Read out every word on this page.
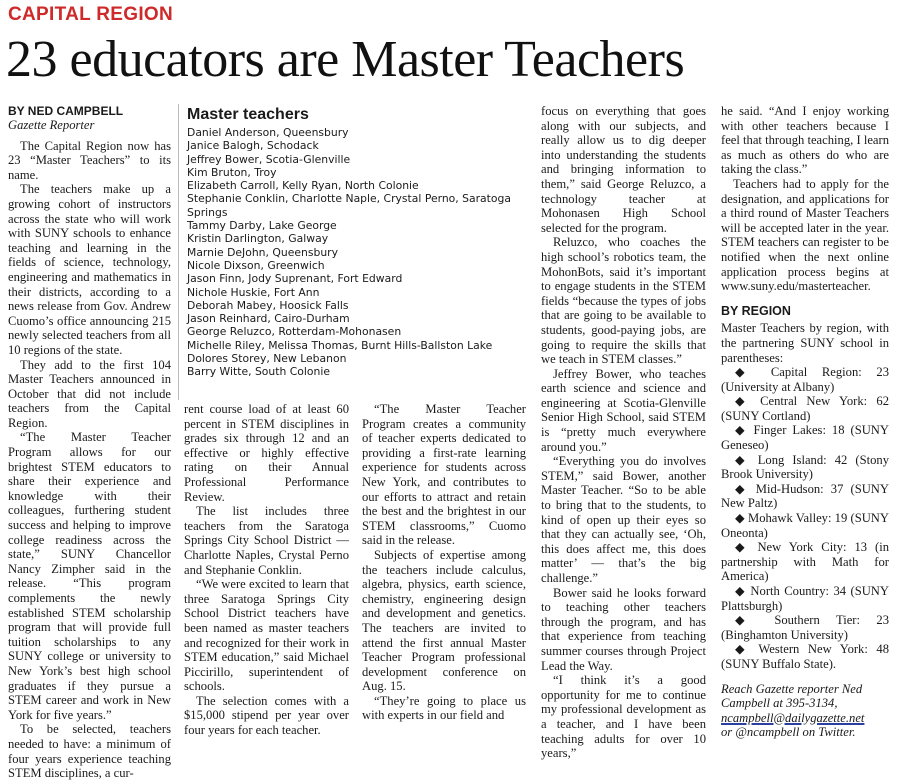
CAPITAL REGION
23 educators are Master Teachers

BY NED CAMPBELL

Gazette Reporter

The Capital Region now has 23 “Master Teachers” to its name.

The teachers make up a growing cohort of instructors across the state who will work with SUNY schools to enhance teaching and learning in the fields of science, technology, engineering and mathematics in their districts, according to a news release from Gov. Andrew Cuomo’s office announcing 215 newly selected teachers from all 10 regions of the state.

They add to the first 104 Master Teachers announced in October that did not include teachers from the Capital Region.

“The Master Teacher Program allows for our brightest STEM educators to share their experience and knowledge with their colleagues, furthering student success and helping to improve college readiness across the state,” SUNY Chancellor Nancy Zimpher said in the release. “This program complements the newly established STEM scholarship program that will provide full tuition scholarships to any SUNY college or university to New York’s best high school graduates if they pursue a STEM career and work in New York for five years.”

To be selected, teachers needed to have: a minimum of four years experience teaching STEM disciplines, a cur-

Master teachers
Daniel Anderson, Queensbury
Janice Balogh, Schodack
Jeffrey Bower, Scotia-Glenville
Kim Bruton, Troy
Elizabeth Carroll, Kelly Ryan, North Colonie
Stephanie Conklin, Charlotte Naple, Crystal Perno, Saratoga Springs
Tammy Darby, Lake George
Kristin Darlington, Galway
Marnie DeJohn, Queensbury
Nicole Dixson, Greenwich
Jason Finn, Jody Suprenant, Fort Edward
Nichole Huskie, Fort Ann
Deborah Mabey, Hoosick Falls
Jason Reinhard, Cairo-Durham
George Reluzco, Rotterdam-Mohonasen
Michelle Riley, Melissa Thomas, Burnt Hills-Ballston Lake
Dolores Storey, New Lebanon
Barry Witte, South Colonie

rent course load of at least 60 percent in STEM disciplines in grades six through 12 and an effective or highly effective rating on their Annual Professional Performance Review.

The list includes three teachers from the Saratoga Springs City School District — Charlotte Naples, Crystal Perno and Stephanie Conklin.

“We were excited to learn that three Saratoga Springs City School District teachers have been named as master teachers and recognized for their work in STEM education,” said Michael Piccirillo, superintendent of schools.

The selection comes with a $15,000 stipend per year over four years for each teacher.

“The Master Teacher Program creates a community of teacher experts dedicated to providing a first-rate learning experience for students across New York, and contributes to our efforts to attract and retain the best and the brightest in our STEM classrooms,” Cuomo said in the release.

Subjects of expertise among the teachers include calculus, algebra, physics, earth science, chemistry, engineering design and development and genetics. The teachers are invited to attend the first annual Master Teacher Program professional development conference on Aug. 15.

“They’re going to place us with experts in our field and

focus on everything that goes along with our subjects, and really allow us to dig deeper into understanding the students and bringing information to them,” said George Reluzco, a technology teacher at Mohonasen High School selected for the program.

Reluzco, who coaches the high school’s robotics team, the MohonBots, said it’s important to engage students in the STEM fields “because the types of jobs that are going to be available to students, good-paying jobs, are going to require the skills that we teach in STEM classes.”

Jeffrey Bower, who teaches earth science and science and engineering at Scotia-Glenville Senior High School, said STEM is “pretty much everywhere around you.”

“Everything you do involves STEM,” said Bower, another Master Teacher. “So to be able to bring that to the students, to kind of open up their eyes so that they can actually see, ‘Oh, this does affect me, this does matter’ — that’s the big challenge.”

Bower said he looks forward to teaching other teachers through the program, and has that experience from teaching summer courses through Project Lead the Way.

“I think it’s a good opportunity for me to continue my professional development as a teacher, and I have been teaching adults for over 10 years,”

he said. “And I enjoy working with other teachers because I feel that through teaching, I learn as much as others do who are taking the class.”

Teachers had to apply for the designation, and applications for a third round of Master Teachers will be accepted later in the year. STEM teachers can register to be notified when the next online application process begins at www.suny.edu/masterteacher.

BY REGION

Master Teachers by region, with the partnering SUNY school in parentheses:

◆ Capital Region: 23 (University at Albany)

◆ Central New York: 62 (SUNY Cortland)

◆ Finger Lakes: 18 (SUNY Geneseo)

◆ Long Island: 42 (Stony Brook University)

◆ Mid-Hudson: 37 (SUNY New Paltz)

◆ Mohawk Valley: 19 (SUNY Oneonta)

◆ New York City: 13 (in partnership with Math for America)

◆ North Country: 34 (SUNY Plattsburgh)

◆ Southern Tier: 23 (Binghamton University)

◆ Western New York: 48 (SUNY Buffalo State).

Reach Gazette reporter Ned Campbell at 395-3134,
ncampbell@dailygazette.net
or @ncampbell on Twitter.
